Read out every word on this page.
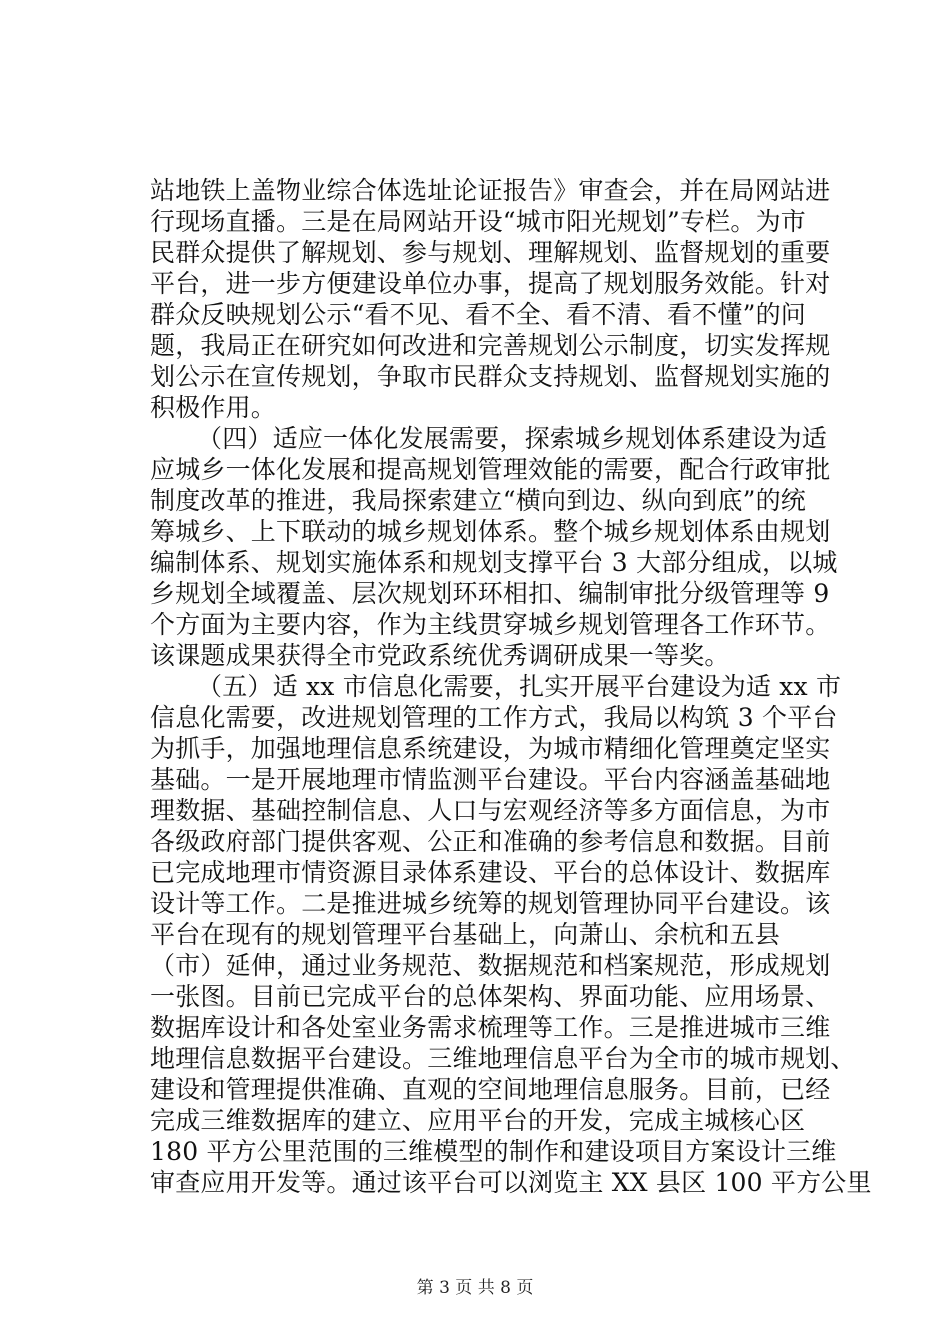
站地铁上盖物业综合体选址论证报告》审查会，并在局网站进

行现场直播。三是在局网站开设“城市阳光规划”专栏。为市

民群众提供了解规划、参与规划、理解规划、监督规划的重要

平台，进一步方便建设单位办事，提高了规划服务效能。针对

群众反映规划公示“看不见、看不全、看不清、看不懂”的问

题，我局正在研究如何改进和完善规划公示制度，切实发挥规

划公示在宣传规划，争取市民群众支持规划、监督规划实施的

积极作用。

（四）适应一体化发展需要，探索城乡规划体系建设为适

应城乡一体化发展和提高规划管理效能的需要，配合行政审批

制度改革的推进，我局探索建立“横向到边、纵向到底”的统

筹城乡、上下联动的城乡规划体系。整个城乡规划体系由规划

编制体系、规划实施体系和规划支撑平台 3 大部分组成，以城

乡规划全域覆盖、层次规划环环相扣、编制审批分级管理等 9

个方面为主要内容，作为主线贯穿城乡规划管理各工作环节。

该课题成果获得全市党政系统优秀调研成果一等奖。

（五）适 xx 市信息化需要，扎实开展平台建设为适 xx 市

信息化需要，改进规划管理的工作方式，我局以构筑 3 个平台

为抓手，加强地理信息系统建设，为城市精细化管理奠定坚实

基础。一是开展地理市情监测平台建设。平台内容涵盖基础地

理数据、基础控制信息、人口与宏观经济等多方面信息，为市

各级政府部门提供客观、公正和准确的参考信息和数据。目前

已完成地理市情资源目录体系建设、平台的总体设计、数据库

设计等工作。二是推进城乡统筹的规划管理协同平台建设。该

平台在现有的规划管理平台基础上，向萧山、余杭和五县

（市）延伸，通过业务规范、数据规范和档案规范，形成规划

一张图。目前已完成平台的总体架构、界面功能、应用场景、

数据库设计和各处室业务需求梳理等工作。三是推进城市三维

地理信息数据平台建设。三维地理信息平台为全市的城市规划、

建设和管理提供准确、直观的空间地理信息服务。目前，已经

完成三维数据库的建立、应用平台的开发，完成主城核心区

180 平方公里范围的三维模型的制作和建设项目方案设计三维

审查应用开发等。通过该平台可以浏览主 XX 县区 100 平方公里

第 3 页 共 8 页
